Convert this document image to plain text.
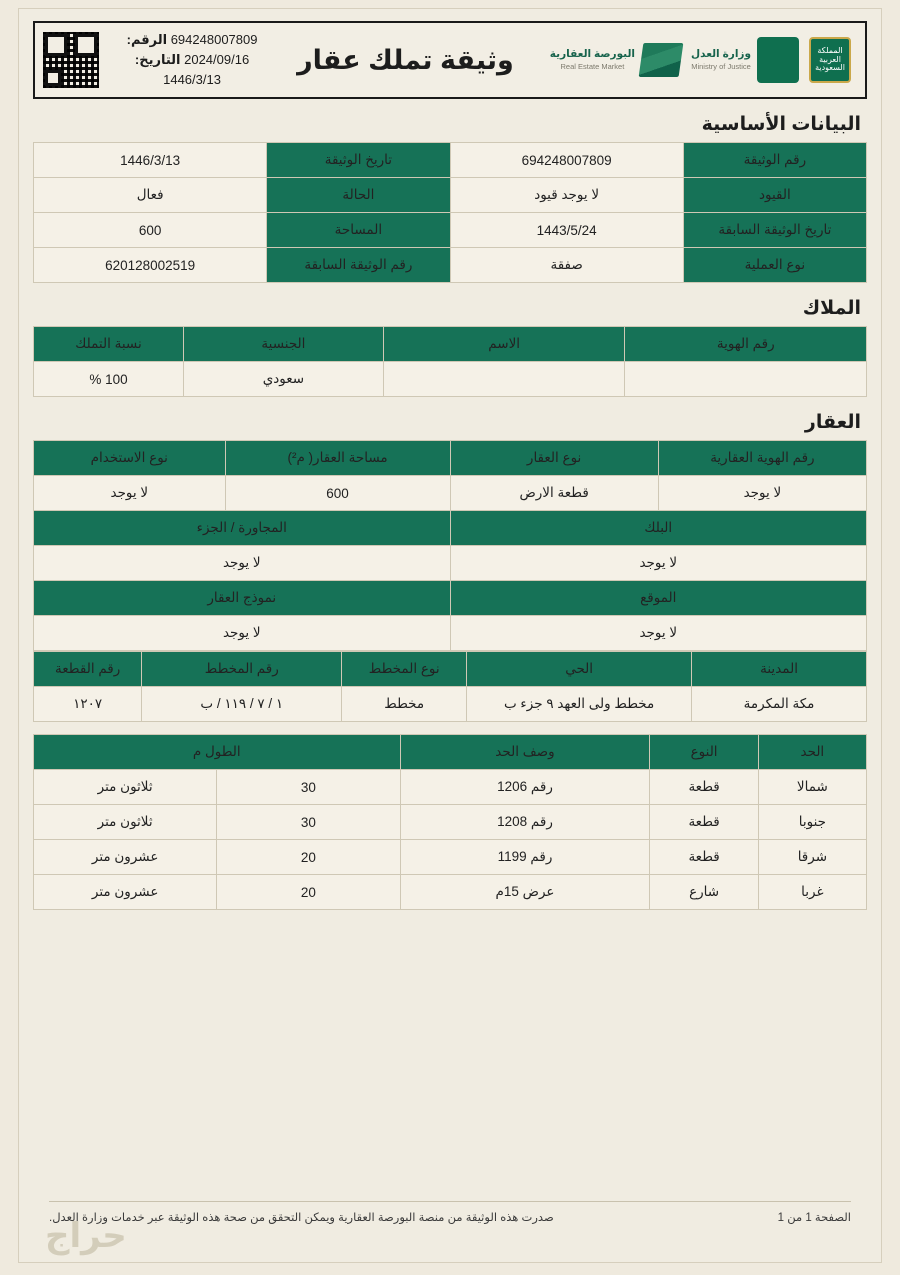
المملكة العربية السعودية
وزارة العدل
Ministry of Justice
البورصة العقارية
Real Estate Market
وثيقة تملك عقار
694248007809 الرقم:
2024/09/16 التاريخ:
1446/3/13
البيانات الأساسية
رقم الوثيقة	694248007809	تاريخ الوثيقة	1446/3/13
القيود	لا يوجد قيود	الحالة	فعال
تاريخ الوثيقة السابقة	1443/5/24	المساحة	600
نوع العملية	صفقة	رقم الوثيقة السابقة	620128002519
الملاك
رقم الهوية	الاسم	الجنسية	نسبة التملك
		سعودي	100 %
العقار
رقم الهوية العقارية	نوع العقار	مساحة العقار( م²)	نوع الاستخدام
لا يوجد	قطعة الارض	600	لا يوجد
البلك		المجاورة / الجزء	
لا يوجد		لا يوجد	
الموقع		نموذج العقار	
لا يوجد		لا يوجد	
المدينة	الحي	نوع المخطط	رقم المخطط	رقم القطعة
مكة المكرمة	مخطط ولى العهد ٩ جزء ب	مخطط	١ / ٧ / ١١٩ / ب	١٢٠٧
الحد	النوع	وصف الحد	الطول م	
شمالا	قطعة	رقم 1206	30	ثلاثون متر
جنوبا	قطعة	رقم 1208	30	ثلاثون متر
شرقا	قطعة	رقم 1199	20	عشرون متر
غربا	شارع	عرض 15م	20	عشرون متر
الصفحة 1 من 1
صدرت هذه الوثيقة من منصة البورصة العقارية ويمكن التحقق من صحة هذه الوثيقة عبر خدمات وزارة العدل.
حراج
